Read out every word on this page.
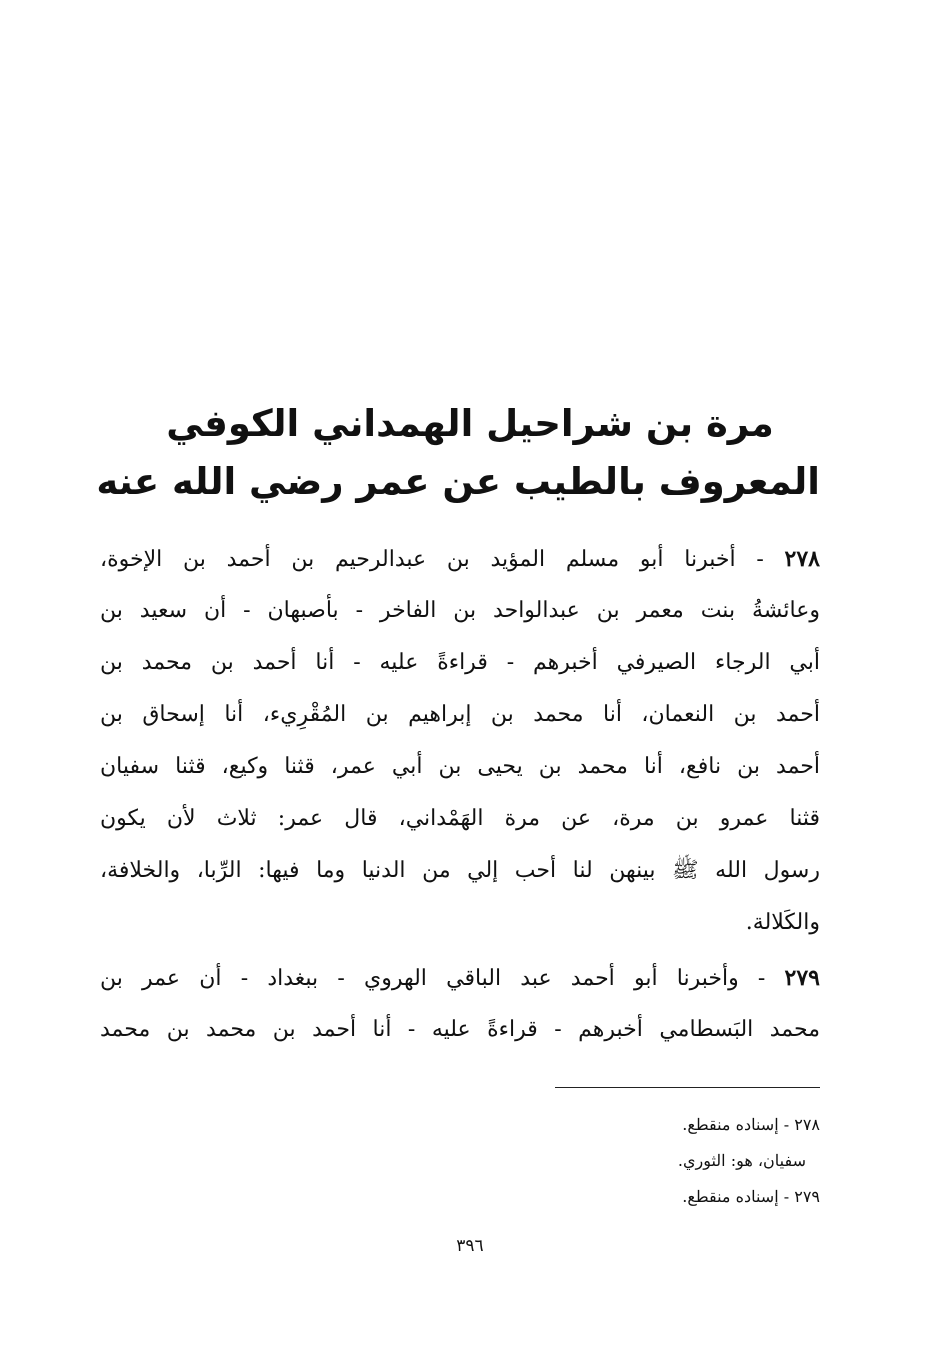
مرة بن شراحيل الهمداني الكوفي
المعروف بالطيب عن عمر رضي الله عنه

٢٧٨ - أخبرنا أبو مسلم المؤيد بن عبدالرحيم بن أحمد بن الإخوة،
وعائشةُ بنت معمر بن عبدالواحد بن الفاخر - بأصبهان - أن سعيد بن
أبي الرجاء الصيرفي أخبرهم - قراءةً عليه - أنا أحمد بن محمد بن
أحمد بن النعمان، أنا محمد بن إبراهيم بن المُقْرِيء، أنا إسحاق بن
أحمد بن نافع، أنا محمد بن يحيى بن أبي عمر، قثنا وكيع، قثنا سفيان
قثنا عمرو بن مرة، عن مرة الهَمْداني، قال عمر: ثلاث لأن يكون
رسول الله ﷺ بينهن لنا أحب إلي من الدنيا وما فيها: الرِّبا، والخلافة،
والكَلالة.

٢٧٩ - وأخبرنا أبو أحمد عبد الباقي الهروي - ببغداد - أن عمر بن
محمد البَسطامي أخبرهم - قراءةً عليه - أنا أحمد بن محمد بن محمد

٢٧٨ - إسناده منقطع.
سفيان، هو: الثوري.
٢٧٩ - إسناده منقطع.
٣٩٦
